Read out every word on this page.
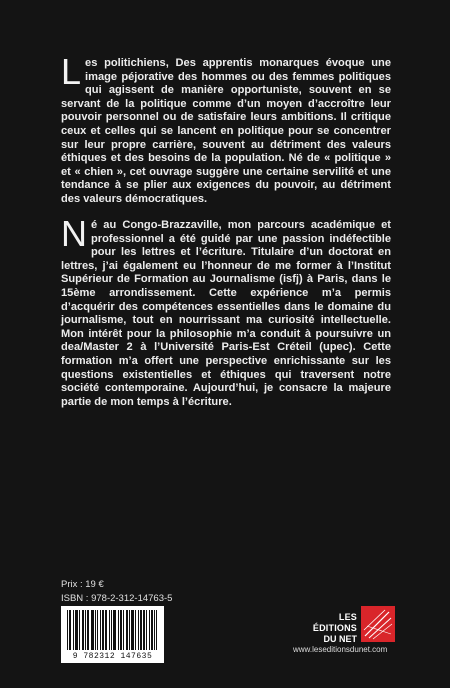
Les politichiens, Des apprentis monarques évoque une image péjorative des hommes ou des femmes politiques qui agissent de manière opportuniste, souvent en se servant de la politique comme d’un moyen d’accroître leur pouvoir personnel ou de satisfaire leurs ambitions. Il critique ceux et celles qui se lancent en politique pour se concentrer sur leur propre carrière, souvent au détriment des valeurs éthiques et des besoins de la population. Né de « politique » et « chien », cet ouvrage suggère une certaine servilité et une tendance à se plier aux exigences du pouvoir, au détriment des valeurs démocratiques.
Né au Congo-Brazzaville, mon parcours académique et professionnel a été guidé par une passion indéfectible pour les lettres et l’écriture. Titulaire d’un doctorat en lettres, j’ai également eu l’honneur de me former à l’Institut Supérieur de Formation au Journalisme (isfj) à Paris, dans le 15ème arrondissement. Cette expérience m’a permis d’acquérir des compétences essentielles dans le domaine du journalisme, tout en nourrissant ma curiosité intellectuelle. Mon intérêt pour la philosophie m’a conduit à poursuivre un dea/Master 2 à l’Université Paris-Est Créteil (upec). Cette formation m’a offert une perspective enrichissante sur les questions existentielles et éthiques qui traversent notre société contemporaine. Aujourd’hui, je consacre la majeure partie de mon temps à l’écriture.
Prix : 19 €
ISBN : 978-2-312-14763-5
9 782312 147635
LES ÉDITIONS
DU NET
www.leseditionsdunet.com
